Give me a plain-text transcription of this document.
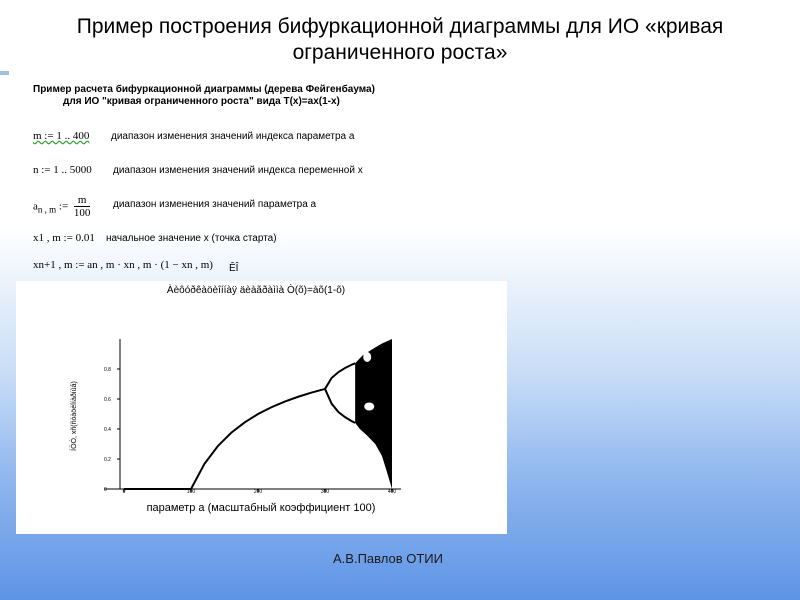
Пример построения бифуркационной диаграммы для ИО «кривая ограниченного роста»
Пример расчета бифуркационной диаграммы (дерева Фейгенбаума)
для ИО "кривая ограниченного роста" вида T(x)=ax(1-x)
m := 1 .. 400 диапазон изменения значений индекса параметра а
n := 1 .. 5000 диапазон изменения значений индекса переменной x
$a_{n , m}$ := $\frac{m}{100}$ диапазон изменения значений параметра а
x1 , m := 0.01 начальное значение x (точка старта)
xn+1 , m := an , m · xn , m · (1 − xn , m) ÊÎ
Àèôóðêàöèîííàÿ äèàãðàììà Ò(õ)=àõ(1-õ)
ÍÖÓ, xñ(ñòàöèîíàðíûå)
параметр а (масштабный коэффициент 100)
0	100	200	300	400
0
0.2
0.4
0.6
0.8
А.В.Павлов ОТИИ
